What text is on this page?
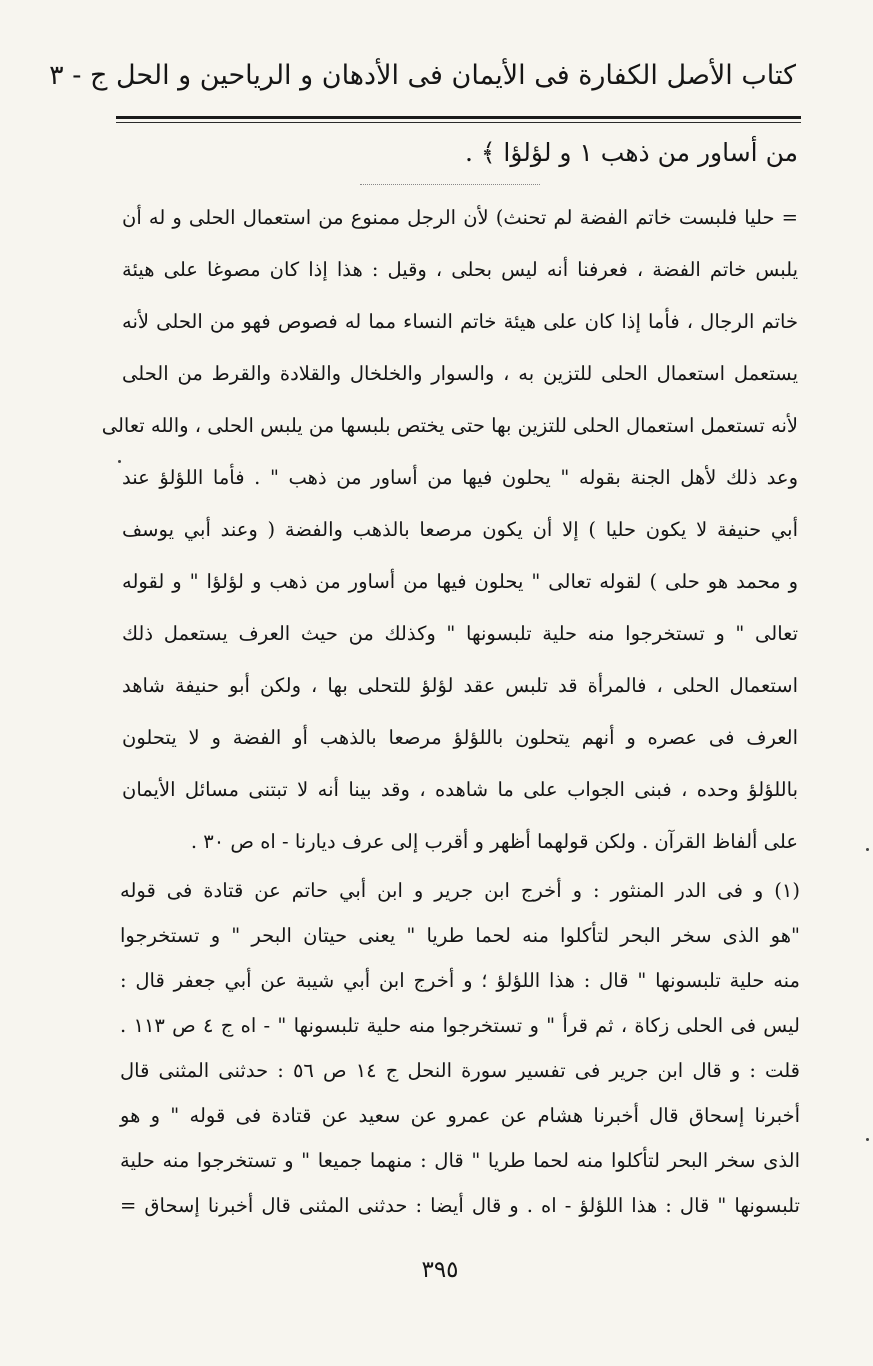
كتاب الأصل الكفارة فى الأيمان فى الأدهان و الرياحين و الحل ج - ٣
من أساور من ذهب ١ و لؤلؤا ﴾ .
= حليا فلبست خاتم الفضة لم تحنث) لأن الرجل ممنوع من استعمال الحلى و له أن
يلبس خاتم الفضة ، فعرفنا أنه ليس بحلى ، وقيل : هذا إذا كان مصوغا على هيئة
خاتم الرجال ، فأما إذا كان على هيئة خاتم النساء مما له فصوص فهو من الحلى لأنه
يستعمل استعمال الحلى للتزين به ، والسوار والخلخال والقلادة والقرط من الحلى
لأنه تستعمل استعمال الحلى للتزين بها حتى يختص بلبسها من يلبس الحلى ، والله تعالى
وعد ذلك لأهل الجنة بقوله " يحلون فيها من أساور من ذهب " . فأما اللؤلؤ عند
أبي حنيفة لا يكون حليا ) إلا أن يكون مرصعا بالذهب والفضة ( وعند أبي يوسف
و محمد هو حلى ) لقوله تعالى " يحلون فيها من أساور من ذهب و لؤلؤا " و لقوله
تعالى " و تستخرجوا منه حلية تلبسونها " وكذلك من حيث العرف يستعمل ذلك
استعمال الحلى ، فالمرأة قد تلبس عقد لؤلؤ للتحلى بها ، ولكن أبو حنيفة شاهد
العرف فى عصره و أنهم يتحلون باللؤلؤ مرصعا بالذهب أو الفضة و لا يتحلون
باللؤلؤ وحده ، فبنى الجواب على ما شاهده ، وقد بينا أنه لا تبتنى مسائل الأيمان
على ألفاظ القرآن . ولكن قولهما أظهر و أقرب إلى عرف ديارنا - اه ص ٣٠ .
(١) و فى الدر المنثور : و أخرج ابن جرير و ابن أبي حاتم عن قتادة فى قوله
"هو الذى سخر البحر لتأكلوا منه لحما طريا " يعنى حيتان البحر " و تستخرجوا
منه حلية تلبسونها " قال : هذا اللؤلؤ ؛ و أخرج ابن أبي شيبة عن أبي جعفر قال :
ليس فى الحلى زكاة ، ثم قرأ " و تستخرجوا منه حلية تلبسونها " - اه ج ٤ ص ١١٣ .
قلت : و قال ابن جرير فى تفسير سورة النحل ج ١٤ ص ٥٦ : حدثنى المثنى قال
أخبرنا إسحاق قال أخبرنا هشام عن عمرو عن سعيد عن قتادة فى قوله " و هو
الذى سخر البحر لتأكلوا منه لحما طريا " قال : منهما جميعا " و تستخرجوا منه حلية
تلبسونها " قال : هذا اللؤلؤ - اه . و قال أيضا : حدثنى المثنى قال أخبرنا إسحاق =
٣٩٥
